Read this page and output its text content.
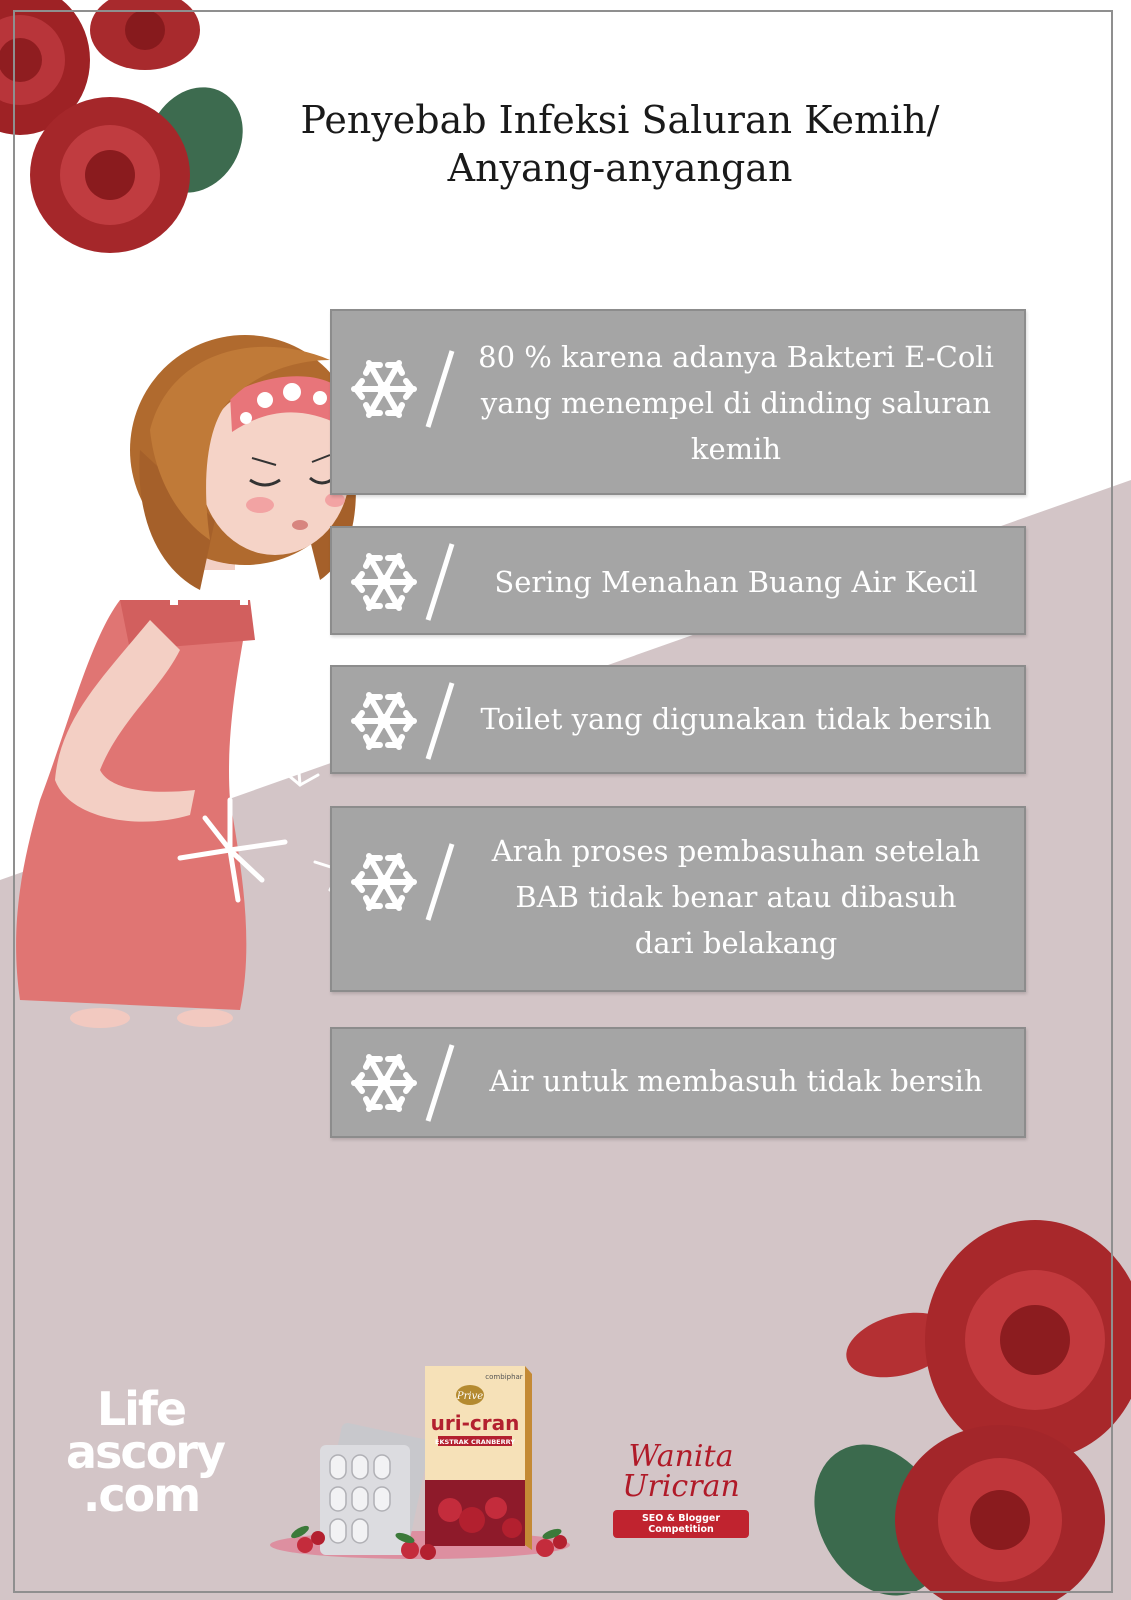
Penyebab Infeksi Saluran Kemih/
Anyang-anyangan
80 % karena adanya Bakteri E-Coli
yang menempel di dinding saluran
kemih
Sering Menahan Buang Air Kecil
Toilet yang digunakan tidak bersih
Arah proses pembasuhan setelah
BAB tidak benar atau dibasuh
dari belakang
Air untuk membasuh tidak bersih
Life
ascory
.com
Prive
combiphar
uri-cran
EKSTRAK CRANBERRY	Wanita
Uricran
SEO & Blogger Competition
